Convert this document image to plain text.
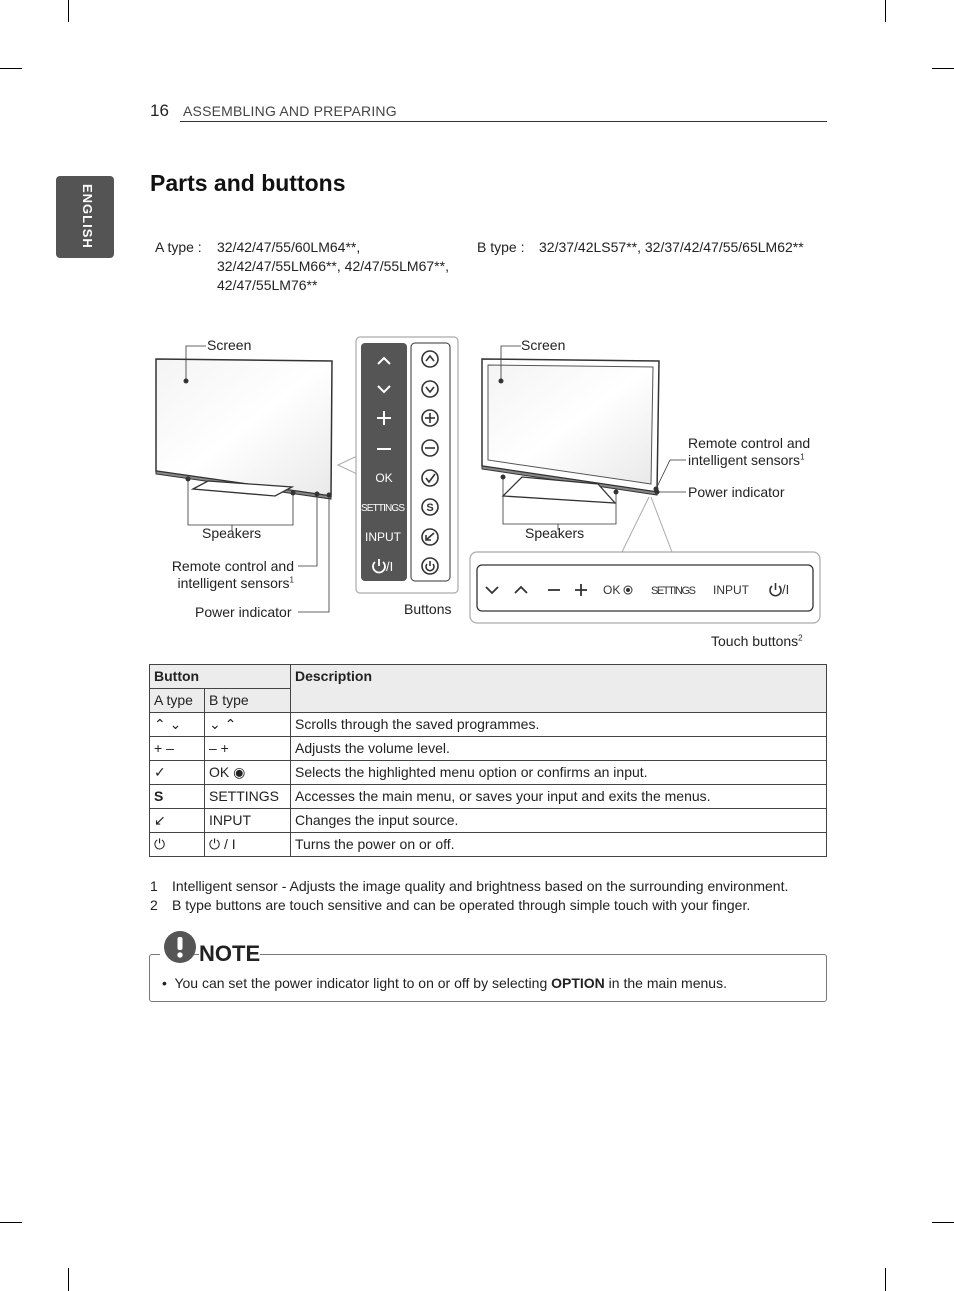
16 ASSEMBLING AND PREPARING
ENGLISH
Parts and buttons
A type : 32/42/47/55/60LM64**,
32/42/47/55LM66**, 42/47/55LM67**,
42/47/55LM76**
B type : 32/37/42LS57**, 32/37/42/47/55/65LM62**
OK
SETTINGS
INPUT
/I
S
OK	SETTINGS INPUT	/I
Screen
Speakers
Remote control and
intelligent sensors$^1$
Power indicator	Buttons
Screen
Speakers
Remote control and
intelligent sensors$^1$
Power indicator
Touch buttons$^2$
Button		Description
A type	B type	
⌃ ⌄	⌄ ⌃	Scrolls through the saved programmes.
+ –	– +	Adjusts the volume level.
✓	OK ◉	Selects the highlighted menu option or confirms an input.
S	SETTINGS	Accesses the main menu, or saves your input and exits the menus.
↙	INPUT	Changes the input source.
⏻	⏻ / I	Turns the power on or off.
1 Intelligent sensor - Adjusts the image quality and brightness based on the surrounding environment.
2 B type buttons are touch sensitive and can be operated through simple touch with your finger.
NOTE
•  You can set the power indicator light to on or off by selecting OPTION in the main menus.
